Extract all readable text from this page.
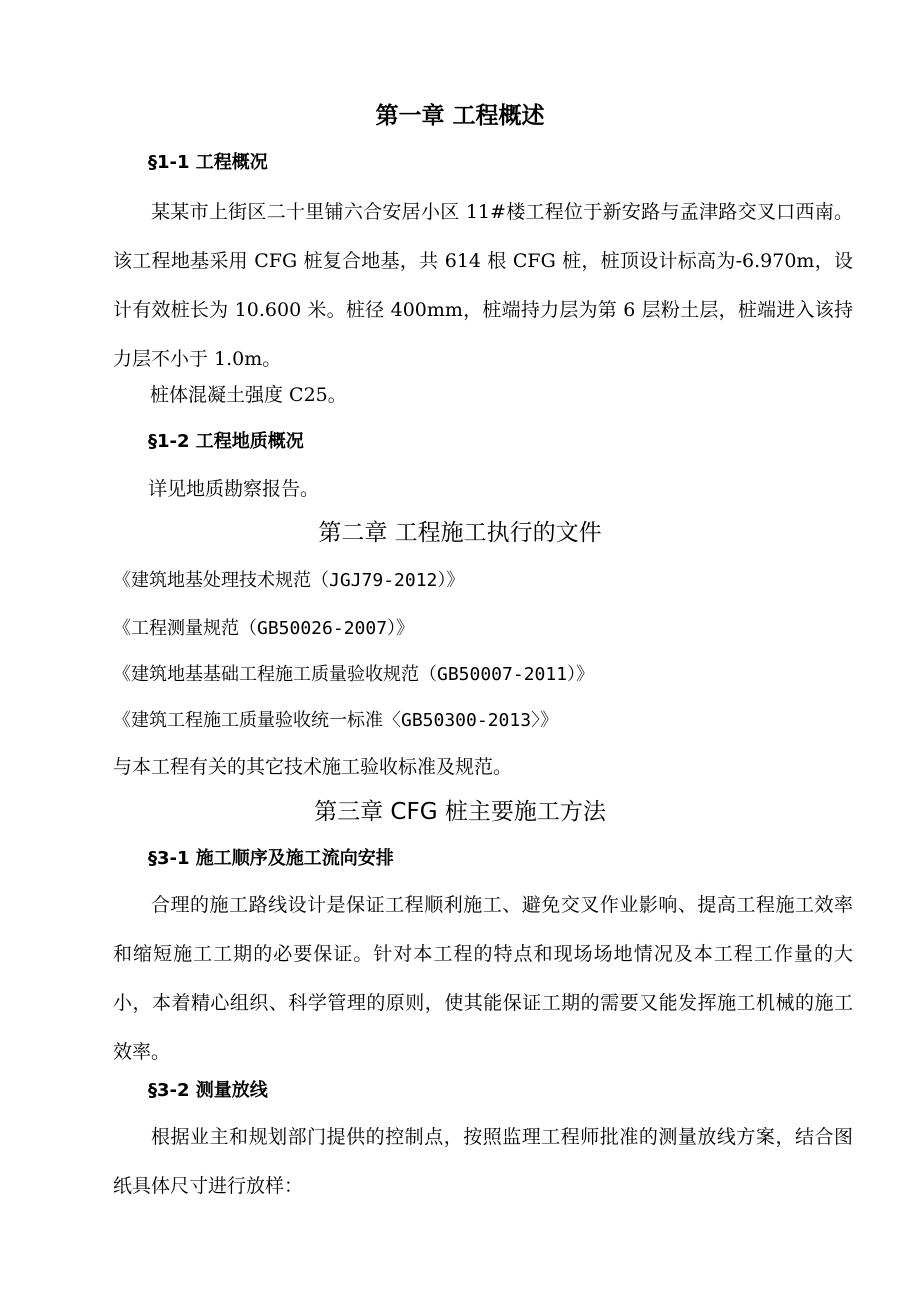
第一章 工程概述
§1-1 工程概况
某某市上街区二十里铺六合安居小区 11#楼工程位于新安路与孟津路交叉口西南。该工程地基采用 CFG 桩复合地基，共 614 根 CFG 桩，桩顶设计标高为-6.970m，设计有效桩长为 10.600 米。桩径 400mm，桩端持力层为第 6 层粉土层，桩端进入该持力层不小于 1.0m。
桩体混凝土强度 C25。
§1-2 工程地质概况
详见地质勘察报告。
第二章 工程施工执行的文件
《建筑地基处理技术规范（JGJ79-2012）》
《工程测量规范（GB50026-2007）》
《建筑地基基础工程施工质量验收规范（GB50007-2011）》
《建筑工程施工质量验收统一标准〈GB50300-2013〉》
与本工程有关的其它技术施工验收标准及规范。
第三章 CFG 桩主要施工方法
§3-1 施工顺序及施工流向安排
合理的施工路线设计是保证工程顺利施工、避免交叉作业影响、提高工程施工效率和缩短施工工期的必要保证。针对本工程的特点和现场场地情况及本工程工作量的大小，本着精心组织、科学管理的原则，使其能保证工期的需要又能发挥施工机械的施工效率。
§3-2 测量放线
根据业主和规划部门提供的控制点，按照监理工程师批准的测量放线方案，结合图纸具体尺寸进行放样：
